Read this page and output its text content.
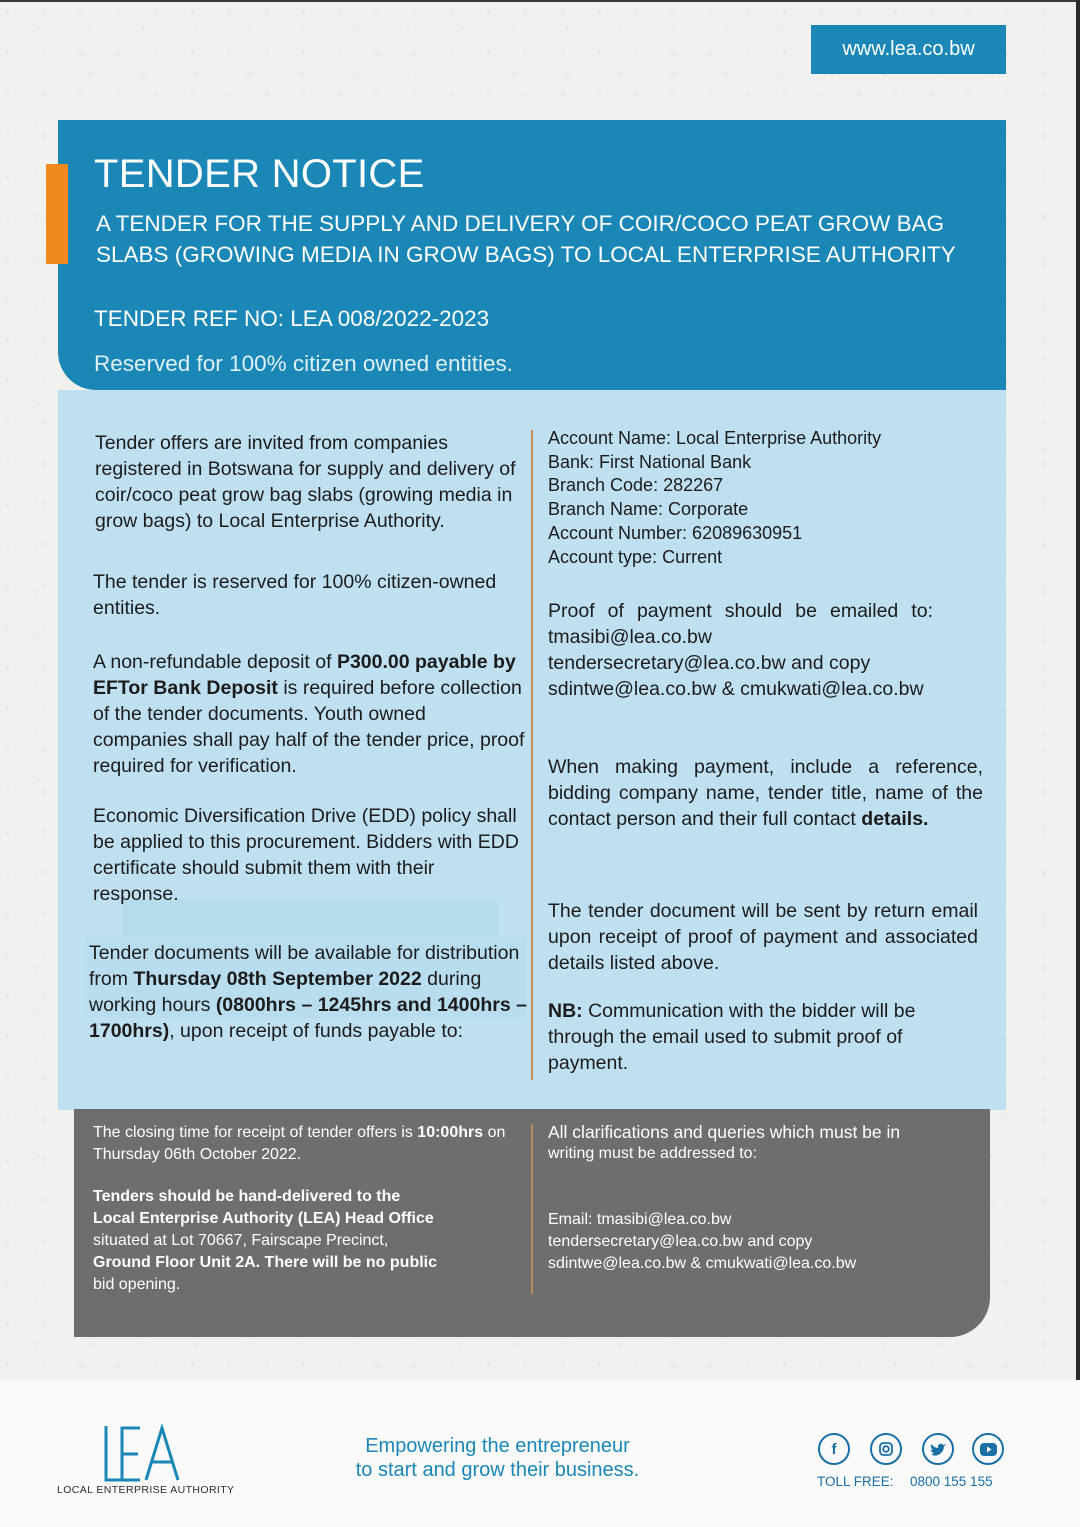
www.lea.co.bw
TENDER NOTICE
A TENDER FOR THE SUPPLY AND DELIVERY OF COIR/COCO PEAT GROW BAG
SLABS (GROWING MEDIA IN GROW BAGS) TO LOCAL ENTERPRISE AUTHORITY
TENDER REF NO: LEA 008/2022-2023
Reserved for 100% citizen owned entities.
Tender offers are invited from companies registered in Botswana for supply and delivery of coir/coco peat grow bag slabs (growing media in grow bags) to Local Enterprise Authority.
The tender is reserved for 100% citizen-owned entities.
A non-refundable deposit of P300.00 payable by EFTor Bank Deposit is required before collection of the tender documents. Youth owned companies shall pay half of the tender price, proof required for verification.
Economic Diversification Drive (EDD) policy shall be applied to this procurement. Bidders with EDD certificate should submit them with their response.
Tender documents will be available for distribution from Thursday 08th September 2022 during working hours (0800hrs – 1245hrs and 1400hrs – 1700hrs), upon receipt of funds payable to:
Account Name: Local Enterprise Authority
Bank: First National Bank
Branch Code: 282267
Branch Name: Corporate
Account Number: 62089630951
Account type: Current
Proof of payment should be emailed to:
tmasibi@lea.co.bw
tendersecretary@lea.co.bw and copy
sdintwe@lea.co.bw & cmukwati@lea.co.bw
When making payment, include a reference, bidding company name, tender title, name of the contact person and their full contact details.
The tender document will be sent by return email upon receipt of proof of payment and associated details listed above.
NB: Communication with the bidder will be through the email used to submit proof of payment.
The closing time for receipt of tender offers is 10:00hrs on Thursday 06th October 2022.
Tenders should be hand-delivered to the Local Enterprise Authority (LEA) Head Office situated at Lot 70667, Fairscape Precinct, Ground Floor Unit 2A. There will be no public bid opening.
All clarifications and queries which must be in
writing must be addressed to:
Email: tmasibi@lea.co.bw
tendersecretary@lea.co.bw and copy
sdintwe@lea.co.bw & cmukwati@lea.co.bw
LOCAL ENTERPRISE AUTHORITY
Empowering the entrepreneur
to start and grow their business.
f
TOLL FREE: 0800 155 155
